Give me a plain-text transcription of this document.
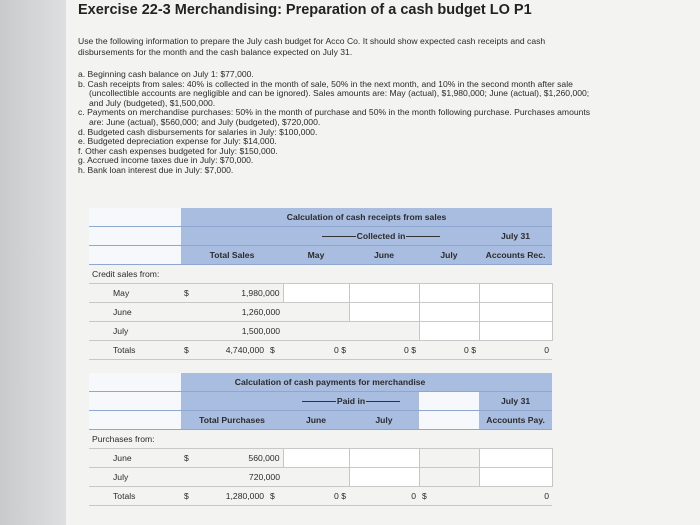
Exercise 22-3 Merchandising: Preparation of a cash budget LO P1

Use the following information to prepare the July cash budget for Acco Co. It should show expected cash receipts and cash disbursements for the month and the cash balance expected on July 31.

a. Beginning cash balance on July 1: $77,000.
b. Cash receipts from sales: 40% is collected in the month of sale, 50% in the next month, and 10% in the second month after sale (uncollectible accounts are negligible and can be ignored). Sales amounts are: May (actual), $1,980,000; June (actual), $1,260,000; and July (budgeted), $1,500,000.
c. Payments on merchandise purchases: 50% in the month of purchase and 50% in the month following purchase. Purchases amounts are: June (actual), $560,000; and July (budgeted), $720,000.
d. Budgeted cash disbursements for salaries in July: $100,000.
e. Budgeted depreciation expense for July: $14,000.
f. Other cash expenses budgeted for July: $150,000.
g. Accrued income taxes due in July: $70,000.
h. Bank loan interest due in July: $7,000.
	Calculation of cash receipts from sales						
				Collected in			July 31
	Total Sales			May	June	July	Accounts Rec.
Credit sales from:							
May	$	1,980,000					
June		1,260,000					
July		1,500,000					
Totals	$	4,740,000	$	0 $	0 $	0 $	0
	Calculation of cash payments for merchandise						
				Paid in			July 31
	Total Purchases			June	July		Accounts Pay.
Purchases from:							
June	$	560,000					
July		720,000					
Totals	$	1,280,000	$	0 $	0	$	0
